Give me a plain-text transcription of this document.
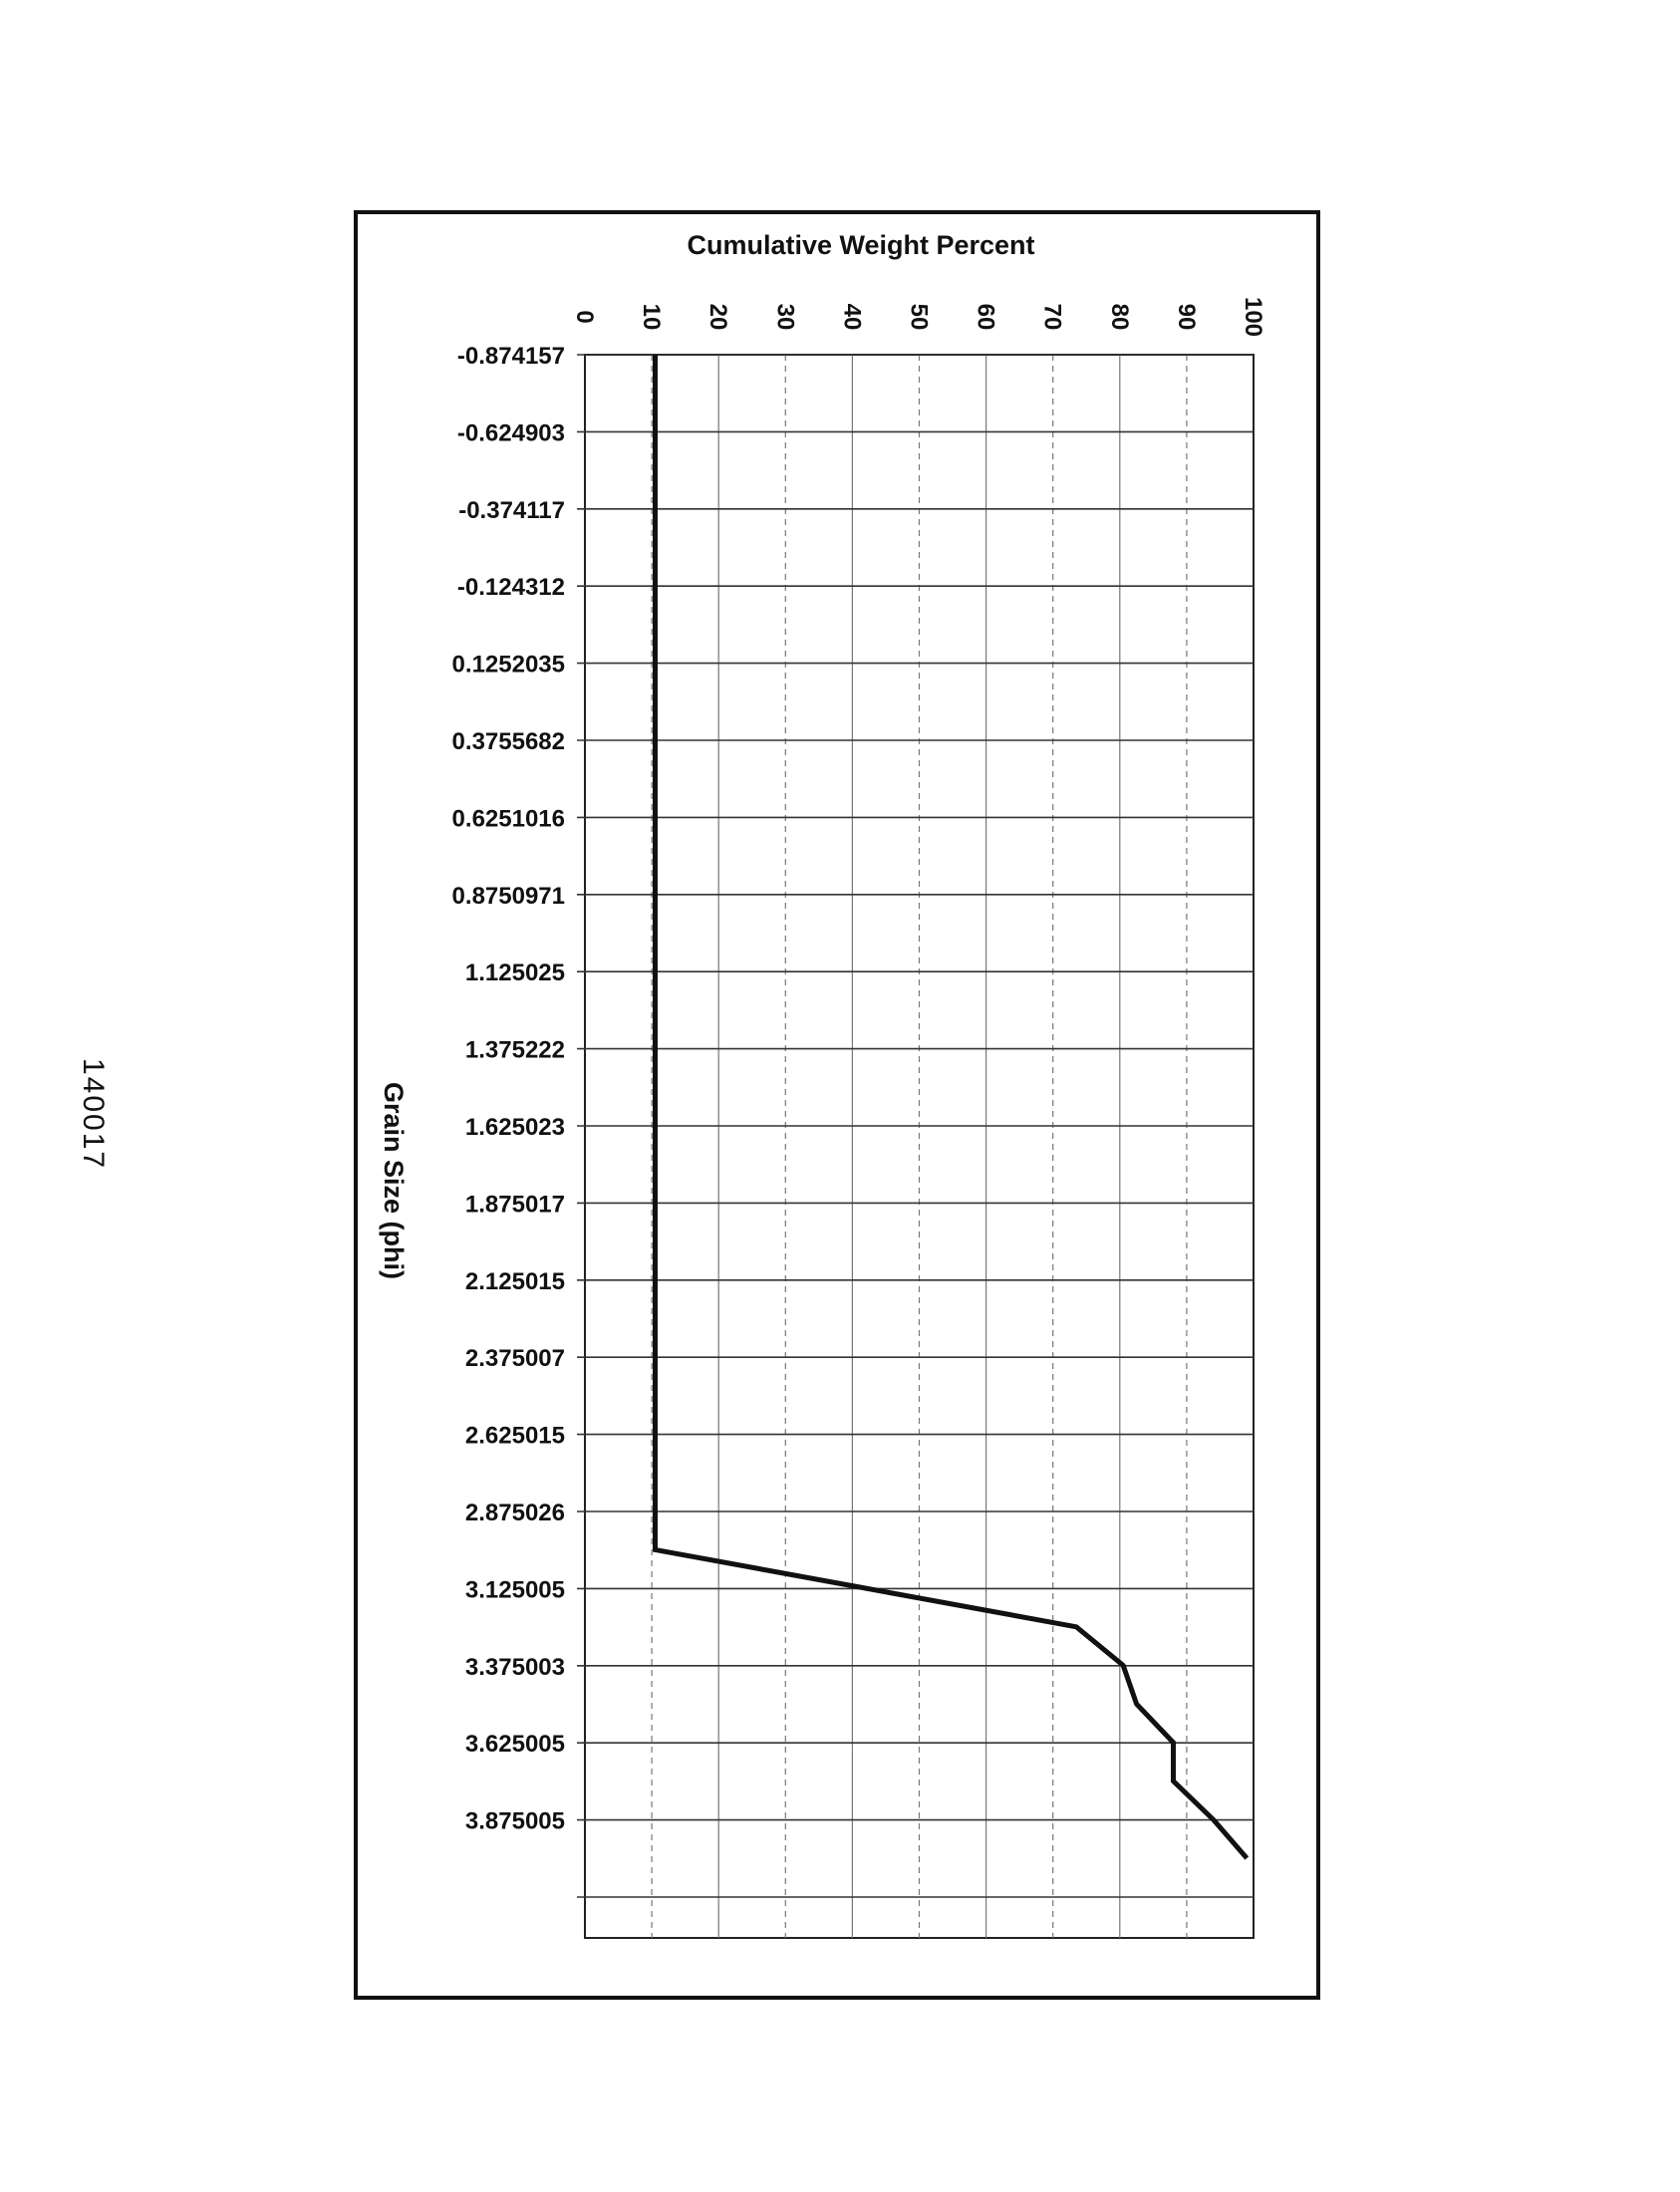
0 10 20 30 40 50 60 70 80 90 100
-0.874157
-0.624903
-0.374117
-0.124312
0.1252035
0.3755682
0.6251016
0.8750971
1.125025
1.375222
1.625023
1.875017
2.125015
2.375007
2.625015
2.875026
3.125005
3.375003
3.625005
3.875005
Cumulative Weight Percent
Grain Size (phi)
140017
